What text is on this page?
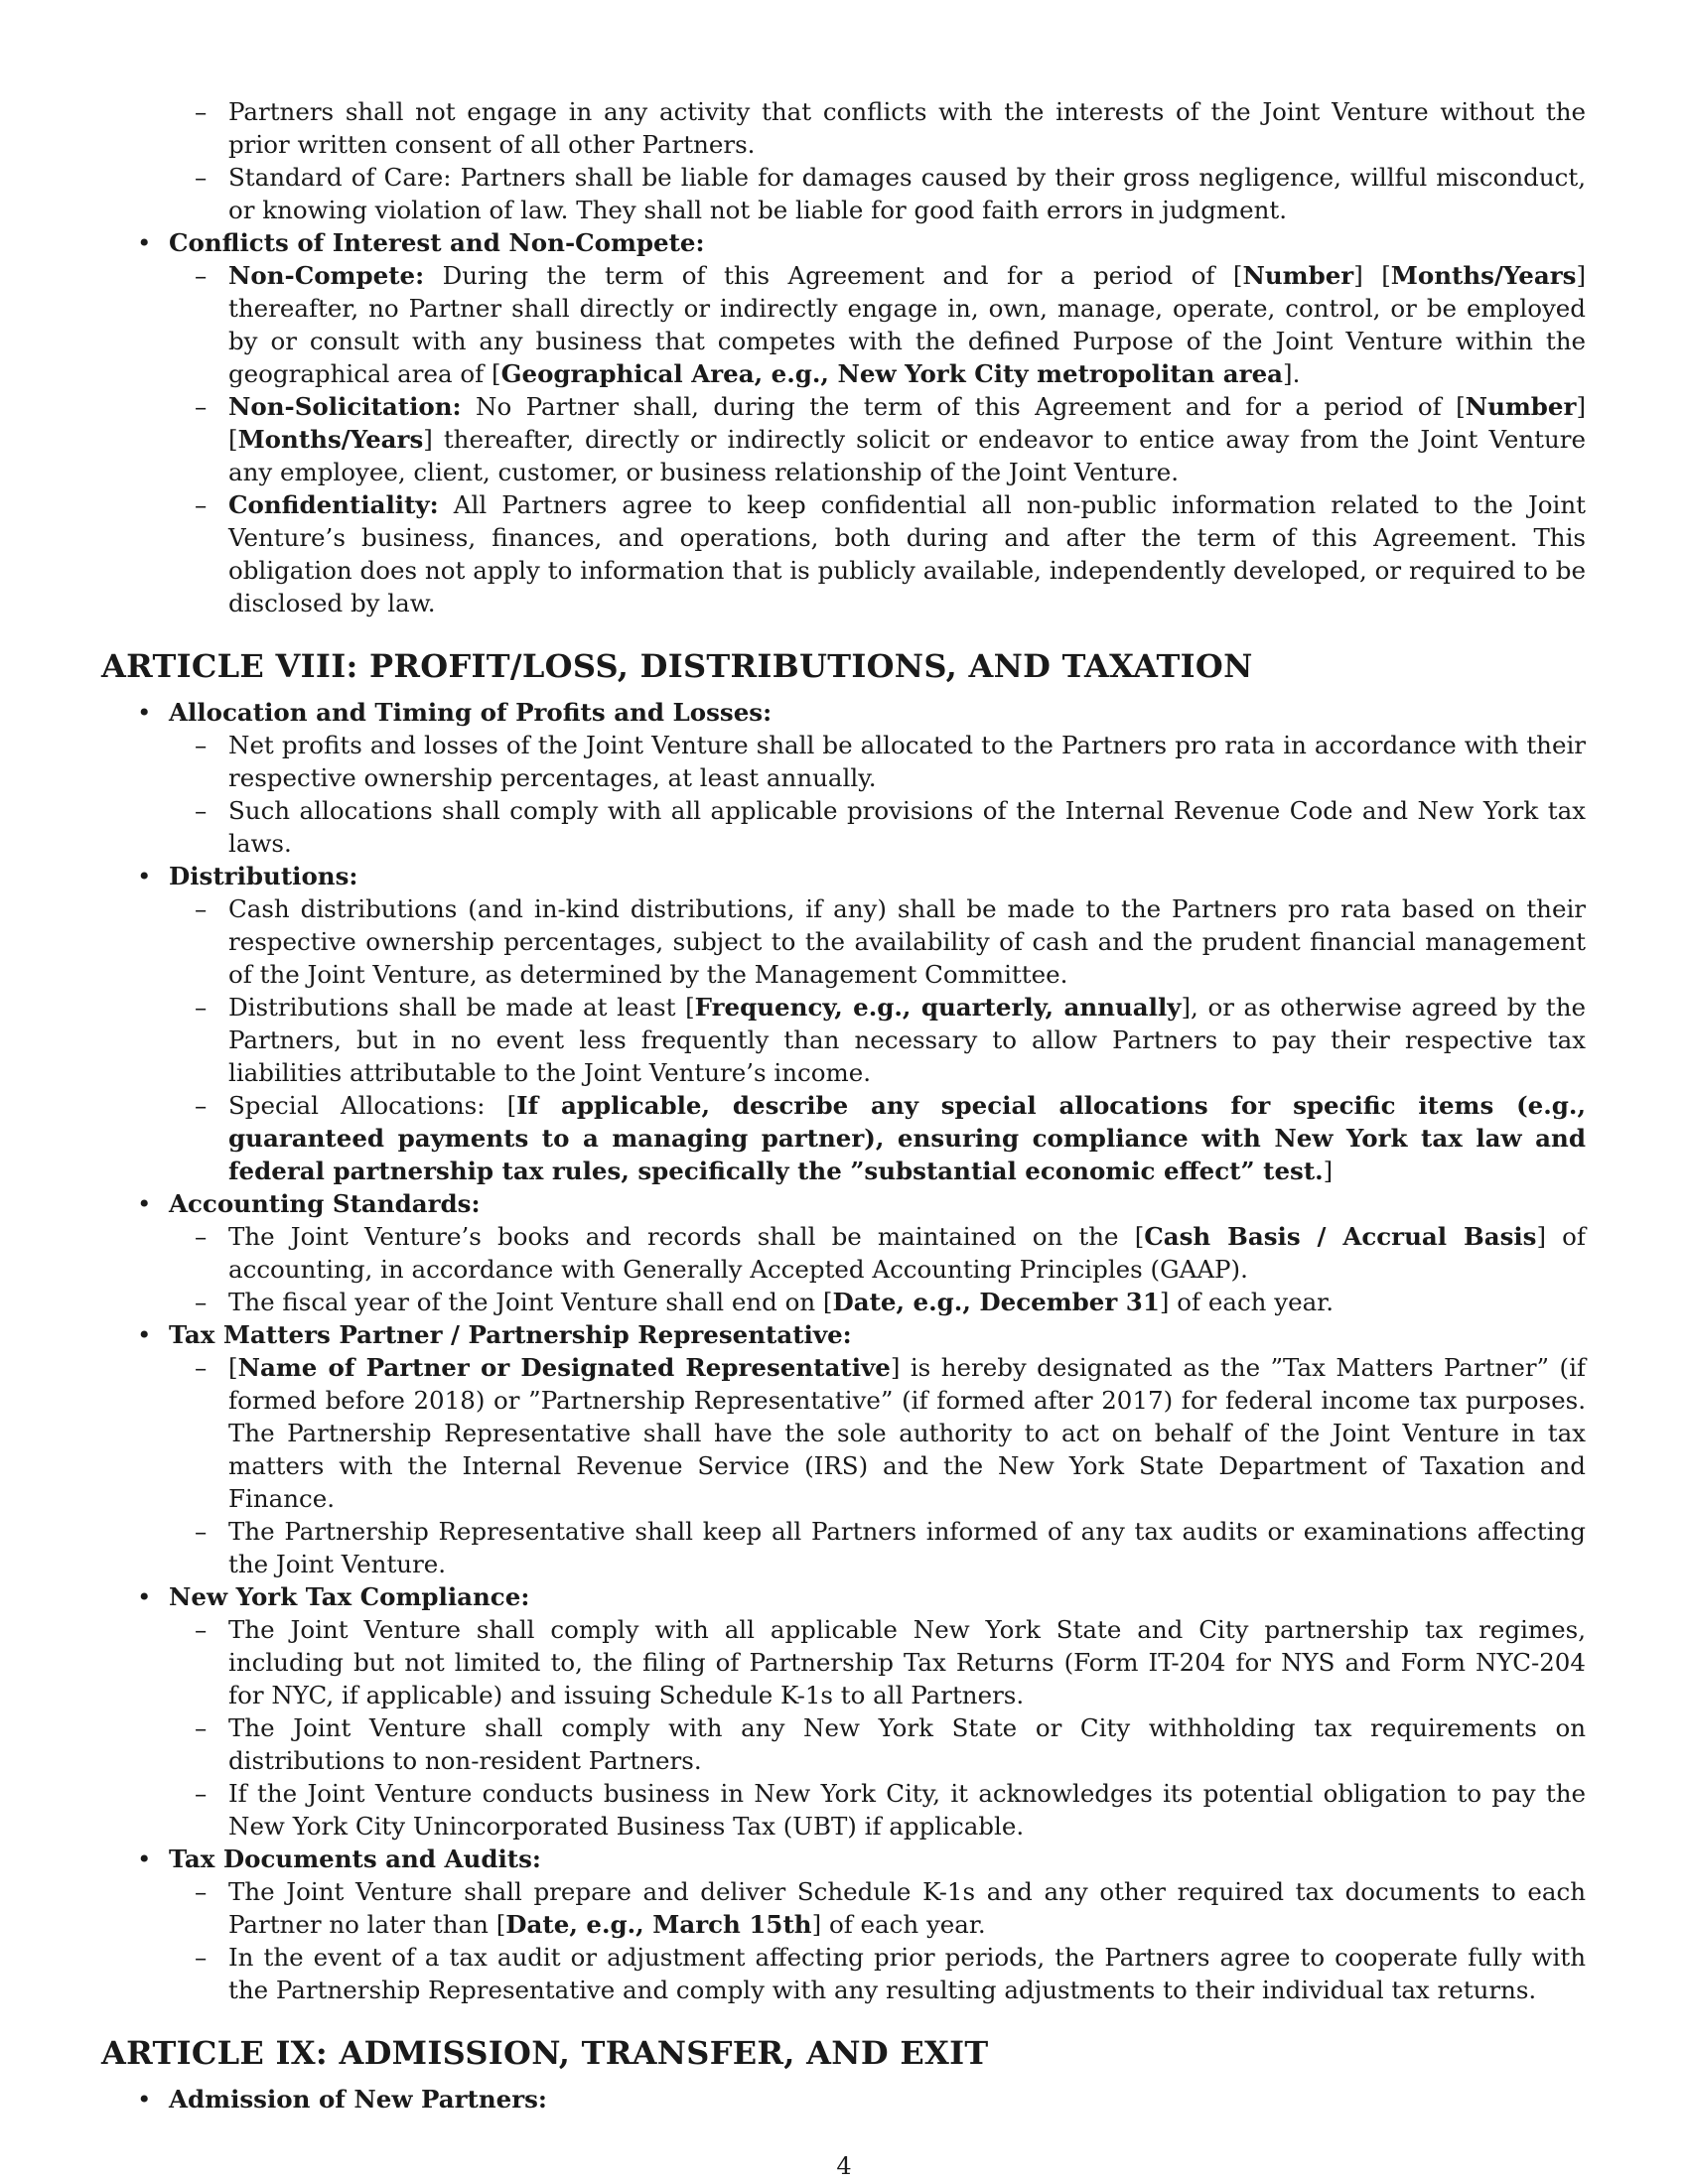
– Partners shall not engage in any activity that conflicts with the interests of the Joint Venture without the prior written consent of all other Partners.
– Standard of Care: Partners shall be liable for damages caused by their gross negligence, willful misconduct, or knowing violation of law. They shall not be liable for good faith errors in judgment.
• Conflicts of Interest and Non-Compete:
– Non-Compete: During the term of this Agreement and for a period of [Number] [Months/Years] thereafter, no Partner shall directly or indirectly engage in, own, manage, operate, control, or be employed by or consult with any business that competes with the defined Purpose of the Joint Venture within the geographical area of [Geographical Area, e.g., New York City metropolitan area].
– Non-Solicitation: No Partner shall, during the term of this Agreement and for a period of [Number] [Months/Years] thereafter, directly or indirectly solicit or endeavor to entice away from the Joint Venture any employee, client, customer, or business relationship of the Joint Venture.
– Confidentiality: All Partners agree to keep confidential all non-public information related to the Joint Venture’s business, finances, and operations, both during and after the term of this Agreement. This obligation does not apply to information that is publicly available, independently developed, or required to be disclosed by law.
ARTICLE VIII: PROFIT/LOSS, DISTRIBUTIONS, AND TAXATION
• Allocation and Timing of Profits and Losses:
– Net profits and losses of the Joint Venture shall be allocated to the Partners pro rata in accordance with their respective ownership percentages, at least annually.
– Such allocations shall comply with all applicable provisions of the Internal Revenue Code and New York tax laws.
• Distributions:
– Cash distributions (and in-kind distributions, if any) shall be made to the Partners pro rata based on their respective ownership percentages, subject to the availability of cash and the prudent financial management of the Joint Venture, as determined by the Management Committee.
– Distributions shall be made at least [Frequency, e.g., quarterly, annually], or as otherwise agreed by the Partners, but in no event less frequently than necessary to allow Partners to pay their respective tax liabilities attributable to the Joint Venture’s income.
– Special Allocations: [If applicable, describe any special allocations for specific items (e.g., guaranteed payments to a managing partner), ensuring compliance with New York tax law and federal partnership tax rules, specifically the ”substantial economic effect” test.]
• Accounting Standards:
– The Joint Venture’s books and records shall be maintained on the [Cash Basis / Accrual Basis] of accounting, in accordance with Generally Accepted Accounting Principles (GAAP).
– The fiscal year of the Joint Venture shall end on [Date, e.g., December 31] of each year.
• Tax Matters Partner / Partnership Representative:
– [Name of Partner or Designated Representative] is hereby designated as the ”Tax Matters Partner” (if formed before 2018) or ”Partnership Representative” (if formed after 2017) for federal income tax purposes. The Partnership Representative shall have the sole authority to act on behalf of the Joint Venture in tax matters with the Internal Revenue Service (IRS) and the New York State Department of Taxation and Finance.
– The Partnership Representative shall keep all Partners informed of any tax audits or examinations affecting the Joint Venture.
• New York Tax Compliance:
– The Joint Venture shall comply with all applicable New York State and City partnership tax regimes, including but not limited to, the filing of Partnership Tax Returns (Form IT-204 for NYS and Form NYC-204 for NYC, if applicable) and issuing Schedule K-1s to all Partners.
– The Joint Venture shall comply with any New York State or City withholding tax requirements on distributions to non-resident Partners.
– If the Joint Venture conducts business in New York City, it acknowledges its potential obligation to pay the New York City Unincorporated Business Tax (UBT) if applicable.
• Tax Documents and Audits:
– The Joint Venture shall prepare and deliver Schedule K-1s and any other required tax documents to each Partner no later than [Date, e.g., March 15th] of each year.
– In the event of a tax audit or adjustment affecting prior periods, the Partners agree to cooperate fully with the Partnership Representative and comply with any resulting adjustments to their individual tax returns.
ARTICLE IX: ADMISSION, TRANSFER, AND EXIT
• Admission of New Partners:
4
